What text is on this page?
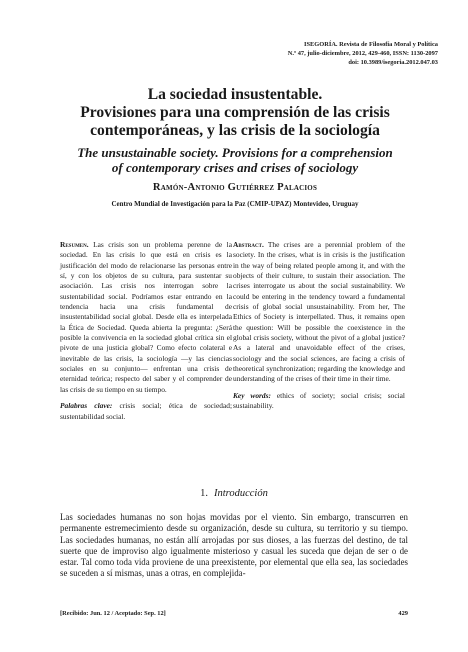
ISEGORÍA. Revista de Filosofía Moral y Política
N.º 47, julio-diciembre, 2012, 429-460, ISSN: 1130-2097
doi: 10.3989/isegoria.2012.047.03
La sociedad insustentable.
Provisiones para una comprensión de las crisis
contemporáneas, y las crisis de la sociología
The unsustainable society. Provisions for a comprehension
of contemporary crises and crises of sociology
Ramón-Antonio Gutiérrez Palacios
Centro Mundial de Investigación para la Paz (CMIP-UPAZ) Montevideo, Uruguay

Resumen. Las crisis son un problema perenne de la sociedad. En las crisis lo que está en crisis es la justificación del modo de relacionarse las personas entre sí, y con los objetos de su cultura, para sustentar su asociación. Las crisis nos interrogan sobre la sustentabilidad social. Podríamos estar entrando en la tendencia hacia una crisis fundamental de insustentabilidad social global. Desde ella es interpelada la Ética de Sociedad. Queda abierta la pregunta: ¿Será posible la convivencia en la sociedad global crítica sin el pivote de una justicia global? Como efecto colateral e inevitable de las crisis, la sociología —y las ciencias sociales en su conjunto— enfrentan una crisis de eternidad teórica; respecto del saber y el comprender de las crisis de su tiempo en su tiempo.

Palabras clave: crisis social; ética de sociedad; sustentabilidad social.

Abstract. The crises are a perennial problem of the society. In the crises, what is in crisis is the justification in the way of being related people among it, and with the objects of their culture, to sustain their association. The crises interrogate us about the social sustainability. We could be entering in the tendency toward a fundamental crisis of global social unsustainability. From her, The Ethics of Society is interpellated. Thus, it remains open the question: Will be possible the coexistence in the global crisis society, without the pivot of a global justice? As a lateral and unavoidable effect of the crises, sociology and the social sciences, are facing a crisis of theoretical synchronization; regarding the knowledge and understanding of the crises of their time in their time.

Key words: ethics of society; social crisis; social sustainability.

1. Introducción

Las sociedades humanas no son hojas movidas por el viento. Sin embargo, transcurren en permanente estremecimiento desde su organización, desde su cultura, su territorio y su tiempo. Las sociedades humanas, no están allí arrojadas por sus dioses, a las fuerzas del destino, de tal suerte que de improviso algo igualmente misterioso y casual les suceda que dejan de ser o de estar. Tal como toda vida proviene de una preexistente, por elemental que ella sea, las sociedades se suceden a sí mismas, unas a otras, en complejida-

[Recibido: Jun. 12 / Aceptado: Sep. 12]	429
